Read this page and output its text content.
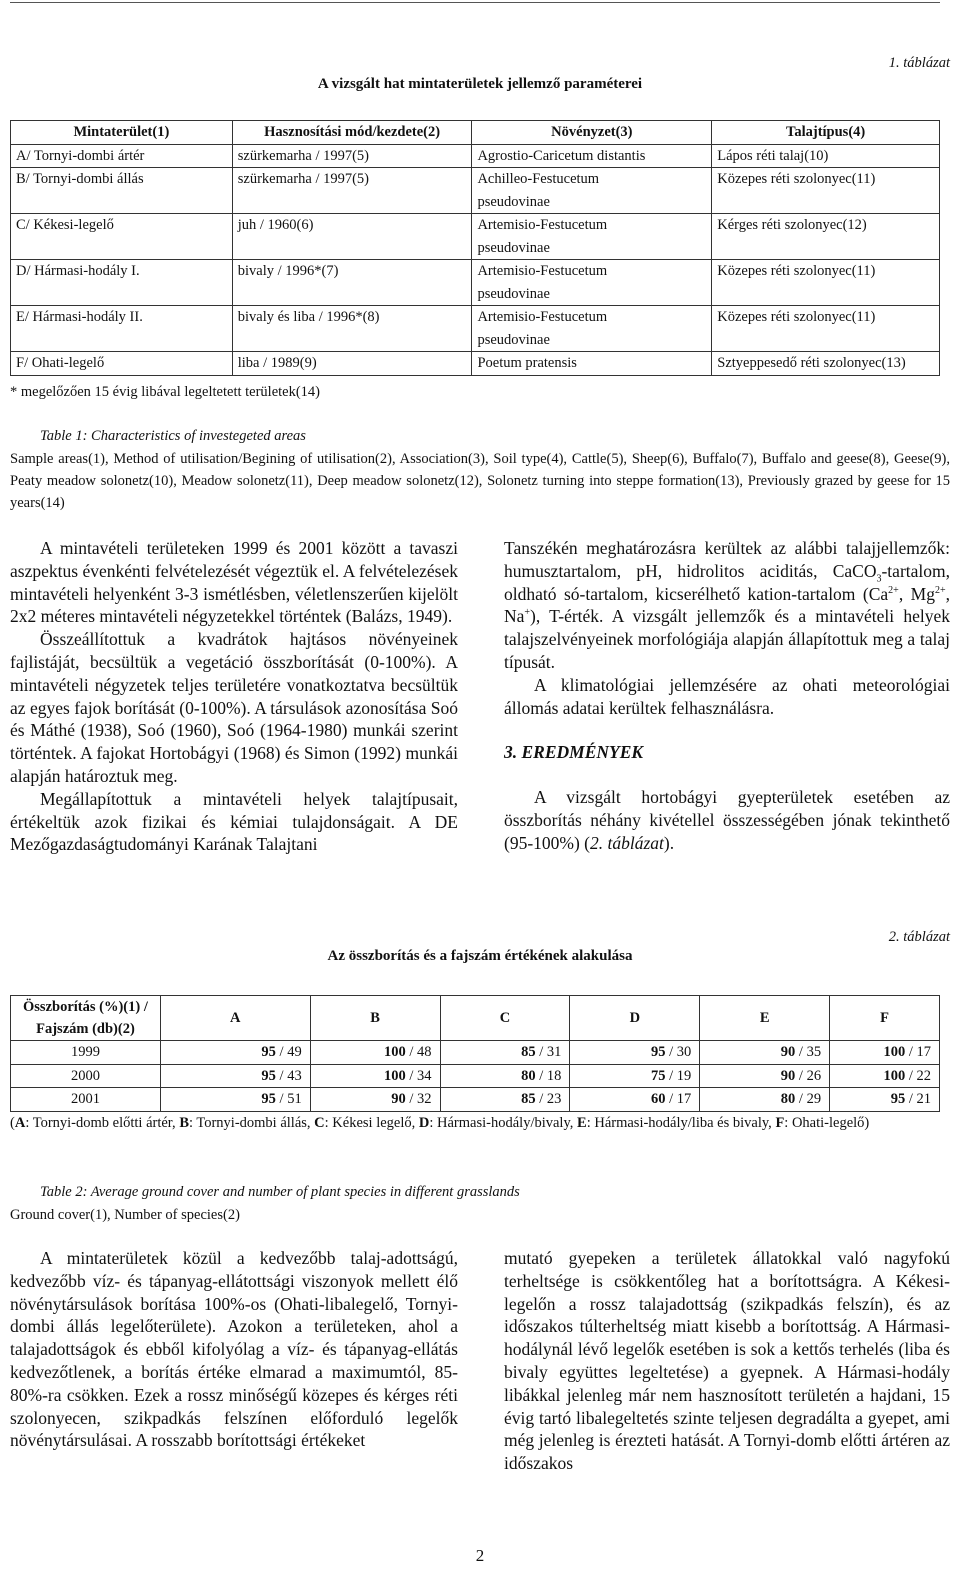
1. táblázat
A vizsgált hat mintaterületek jellemző paraméterei
Mintaterület(1)	Hasznosítási mód/kezdete(2)	Növényzet(3)	Talajtípus(4)
A/ Tornyi-dombi ártér	szürkemarha / 1997(5)	Agrostio-Caricetum distantis	Lápos réti talaj(10)
B/ Tornyi-dombi állás	szürkemarha / 1997(5)	Achilleo-Festucetum pseudovinae	Közepes réti szolonyec(11)
C/ Kékesi-legelő	juh / 1960(6)	Artemisio-Festucetum pseudovinae	Kérges réti szolonyec(12)
D/ Hármasi-hodály I.	bivaly / 1996*(7)	Artemisio-Festucetum pseudovinae	Közepes réti szolonyec(11)
E/ Hármasi-hodály II.	bivaly és liba / 1996*(8)	Artemisio-Festucetum pseudovinae	Közepes réti szolonyec(11)
F/ Ohati-legelő	liba / 1989(9)	Poetum pratensis	Sztyeppesedő réti szolonyec(13)
* megelőzően 15 évig libával legeltetett területek(14)
Table 1: Characteristics of investegeted areas
Sample areas(1), Method of utilisation/Begining of utilisation(2), Association(3), Soil type(4), Cattle(5), Sheep(6), Buffalo(7), Buffalo and geese(8), Geese(9), Peaty meadow solonetz(10), Meadow solonetz(11), Deep meadow solonetz(12), Solonetz turning into steppe formation(13), Previously grazed by geese for 15 years(14)

A mintavételi területeken 1999 és 2001 között a tavaszi aszpektus évenkénti felvételezését végeztük el. A felvételezések mintavételi helyenként 3-3 ismétlésben, véletlenszerűen kijelölt 2x2 méteres mintavételi négyzetekkel történtek (Balázs, 1949).

Összeállítottuk a kvadrátok hajtásos növényeinek fajlistáját, becsültük a vegetáció összborítását (0-100%). A mintavételi négyzetek teljes területére vonatkoztatva becsültük az egyes fajok borítását (0-100%). A társulások azonosítása Soó és Máthé (1938), Soó (1960), Soó (1964-1980) munkái szerint történtek. A fajokat Hortobágyi (1968) és Simon (1992) munkái alapján határoztuk meg.

Megállapítottuk a mintavételi helyek talajtípusait, értékeltük azok fizikai és kémiai tulajdonságait. A DE Mezőgazdaságtudományi Karának Talajtani

Tanszékén meghatározásra kerültek az alábbi talajjellemzők: humusztartalom, pH, hidrolitos aciditás, CaCO$_3$-tartalom, oldható só-tartalom, kicserélhető kation-tartalom ($Ca^{2+}$, $Mg^{2+}$, Na+), T-érték. A vizsgált jellemzők és a mintavételi helyek talajszelvényeinek morfológiája alapján állapítottuk meg a talaj típusát.

A klimatológiai jellemzésére az ohati meteorológiai állomás adatai kerültek felhasználásra.

3. EREDMÉNYEK

A vizsgált hortobágyi gyepterületek esetében az összborítás néhány kivétellel összességében jónak tekinthető (95-100%) (2. táblázat).

2. táblázat
Az összborítás és a fajszám értékének alakulása
Összborítás (%)(1) / Fajszám (db)(2)	A	B	C	D	E	F
1999	95 / 49	100 / 48	85 / 31	95 / 30	90 / 35	100 / 17
2000	95 / 43	100 / 34	80 / 18	75 / 19	90 / 26	100 / 22
2001	95 / 51	90 / 32	85 / 23	60 / 17	80 / 29	95 / 21
(A: Tornyi-domb előtti ártér, B: Tornyi-dombi állás, C: Kékesi legelő, D: Hármasi-hodály/bivaly, E: Hármasi-hodály/liba és bivaly, F: Ohati-legelő)
Table 2: Average ground cover and number of plant species in different grasslands
Ground cover(1), Number of species(2)
A mintaterületek közül a kedvezőbb talaj-adottságú, kedvezőbb víz- és tápanyag-ellátottsági viszonyok mellett élő növénytársulások borítása 100%-os (Ohati-libalegelő, Tornyi-dombi állás legelőterülete). Azokon a területeken, ahol a talajadottságok és ebből kifolyólag a víz- és tápanyag-ellátás kedvezőtlenek, a borítás értéke elmarad a maximumtól, 85-80%-ra csökken. Ezek a rossz minőségű közepes és kérges réti szolonyecen, szikpadkás felszínen előforduló legelők növénytársulásai. A rosszabb borítottsági értékeket
mutató gyepeken a területek állatokkal való nagyfokú terheltsége is csökkentőleg hat a borítottságra. A Kékesi-legelőn a rossz talajadottság (szikpadkás felszín), és az időszakos túlterheltség miatt kisebb a borítottság. A Hármasi-hodálynál lévő legelők esetében is sok a kettős terhelés (liba és bivaly együttes legeltetése) a gyepnek. A Hármasi-hodály libákkal jelenleg már nem hasznosított területén a hajdani, 15 évig tartó libalegeltetés szinte teljesen degradálta a gyepet, ami még jelenleg is érezteti hatását. A Tornyi-domb előtti ártéren az időszakos
2
